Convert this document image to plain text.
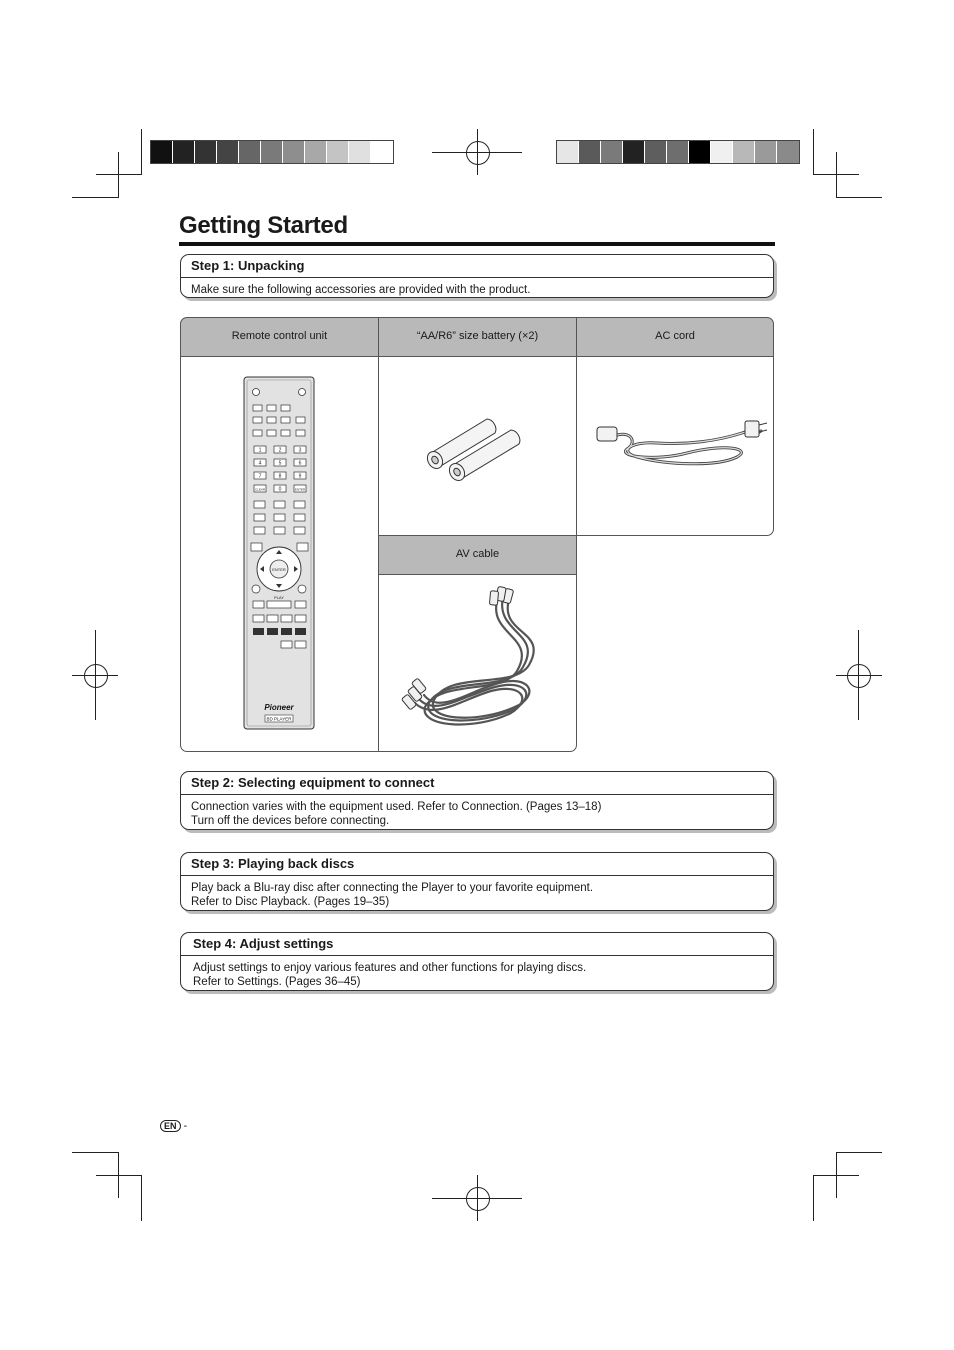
Getting Started
Step 1: Unpacking
Make sure the following accessories are provided with the product.
Remote control unit	“AA/R6” size battery (×2)	AC cord
1	2	3
4	5	6
7	8	9
CLEAR	0	ENTER
ENTER
PLAY
Pioneer
BD PLAYER
AV cable
Step 2: Selecting equipment to connect
Connection varies with the equipment used. Refer to Connection. (Pages 13–18)
Turn off the devices before connecting.
Step 3: Playing back discs
Play back a Blu-ray disc after connecting the Player to your favorite equipment.
Refer to Disc Playback. (Pages 19–35)
Step 4: Adjust settings
Adjust settings to enjoy various features and other functions for playing discs.
Refer to Settings. (Pages 36–45)
EN -
